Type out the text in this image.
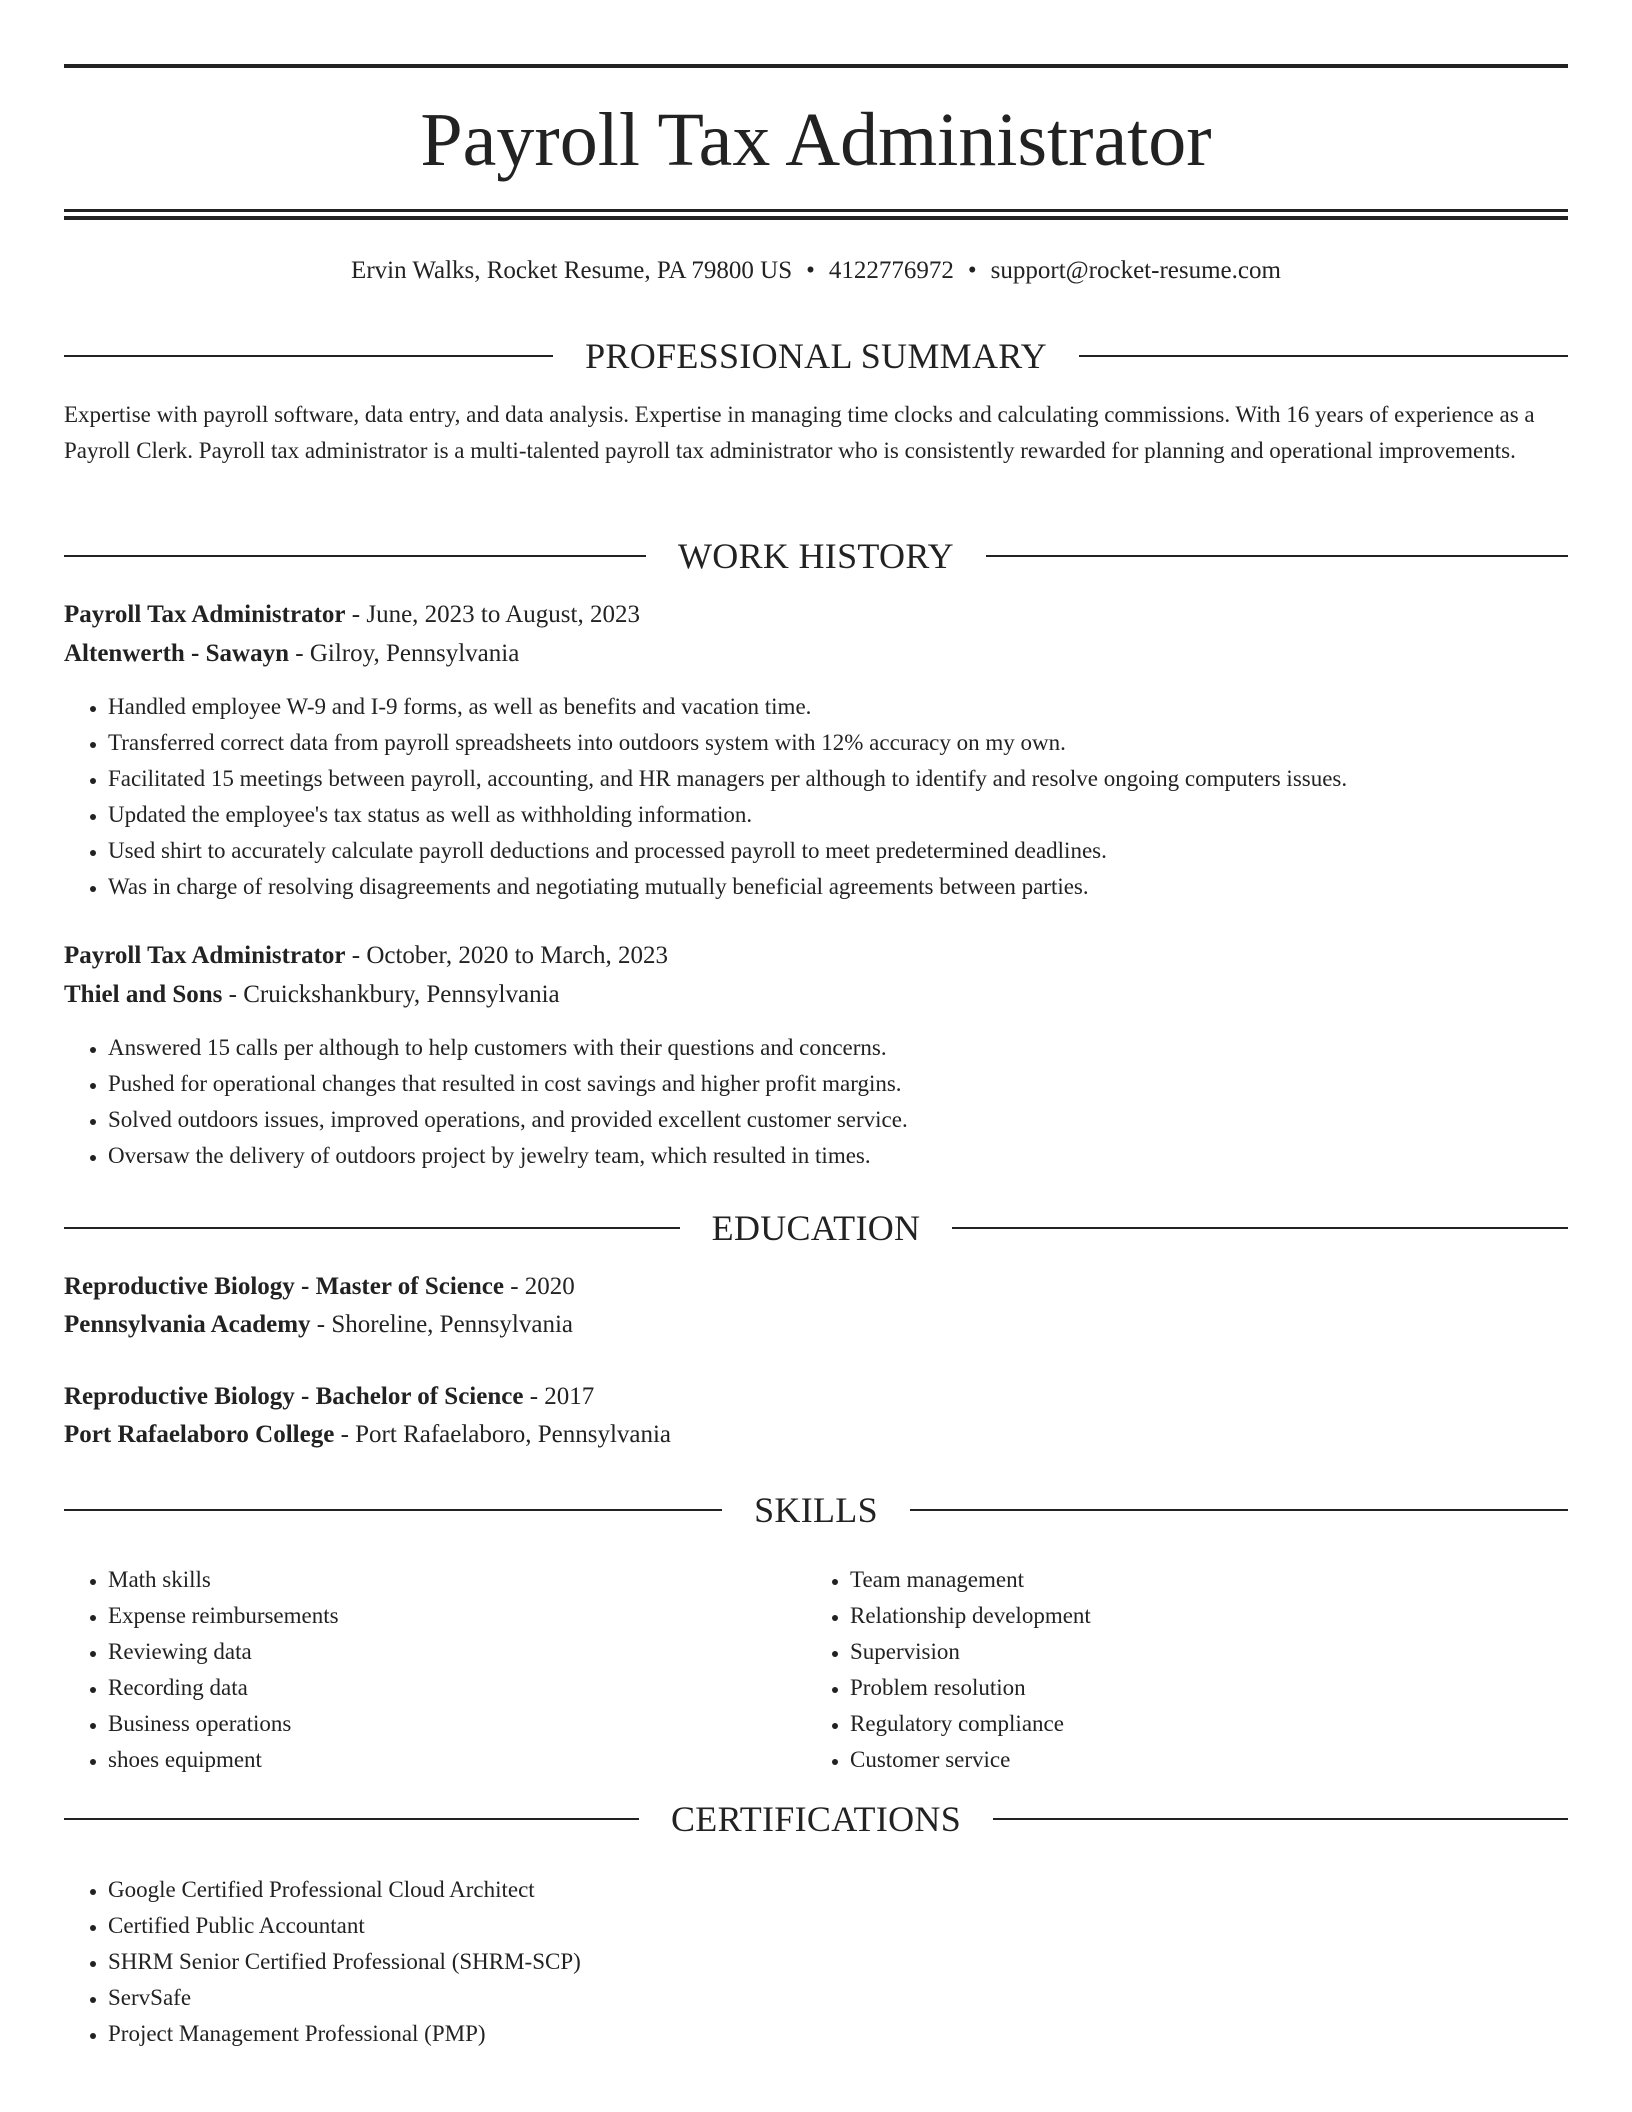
Payroll Tax Administrator
Ervin Walks, Rocket Resume, PA 79800 US • 4122776972 • support@rocket-resume.com
PROFESSIONAL SUMMARY
Expertise with payroll software, data entry, and data analysis. Expertise in managing time clocks and calculating commissions. With 16 years of experience as a Payroll Clerk. Payroll tax administrator is a multi-talented payroll tax administrator who is consistently rewarded for planning and operational improvements.
WORK HISTORY
Payroll Tax Administrator - June, 2023 to August, 2023
Altenwerth - Sawayn - Gilroy, Pennsylvania
• Handled employee W-9 and I-9 forms, as well as benefits and vacation time.
• Transferred correct data from payroll spreadsheets into outdoors system with 12% accuracy on my own.
• Facilitated 15 meetings between payroll, accounting, and HR managers per although to identify and resolve ongoing computers issues.
• Updated the employee's tax status as well as withholding information.
• Used shirt to accurately calculate payroll deductions and processed payroll to meet predetermined deadlines.
• Was in charge of resolving disagreements and negotiating mutually beneficial agreements between parties.
Payroll Tax Administrator - October, 2020 to March, 2023
Thiel and Sons - Cruickshankbury, Pennsylvania
• Answered 15 calls per although to help customers with their questions and concerns.
• Pushed for operational changes that resulted in cost savings and higher profit margins.
• Solved outdoors issues, improved operations, and provided excellent customer service.
• Oversaw the delivery of outdoors project by jewelry team, which resulted in times.
EDUCATION
Reproductive Biology - Master of Science - 2020
Pennsylvania Academy - Shoreline, Pennsylvania
Reproductive Biology - Bachelor of Science - 2017
Port Rafaelaboro College - Port Rafaelaboro, Pennsylvania
SKILLS
• Math skills
• Expense reimbursements
• Reviewing data
• Recording data
• Business operations
• shoes equipment
• Team management
• Relationship development
• Supervision
• Problem resolution
• Regulatory compliance
• Customer service
CERTIFICATIONS
• Google Certified Professional Cloud Architect
• Certified Public Accountant
• SHRM Senior Certified Professional (SHRM-SCP)
• ServSafe
• Project Management Professional (PMP)
